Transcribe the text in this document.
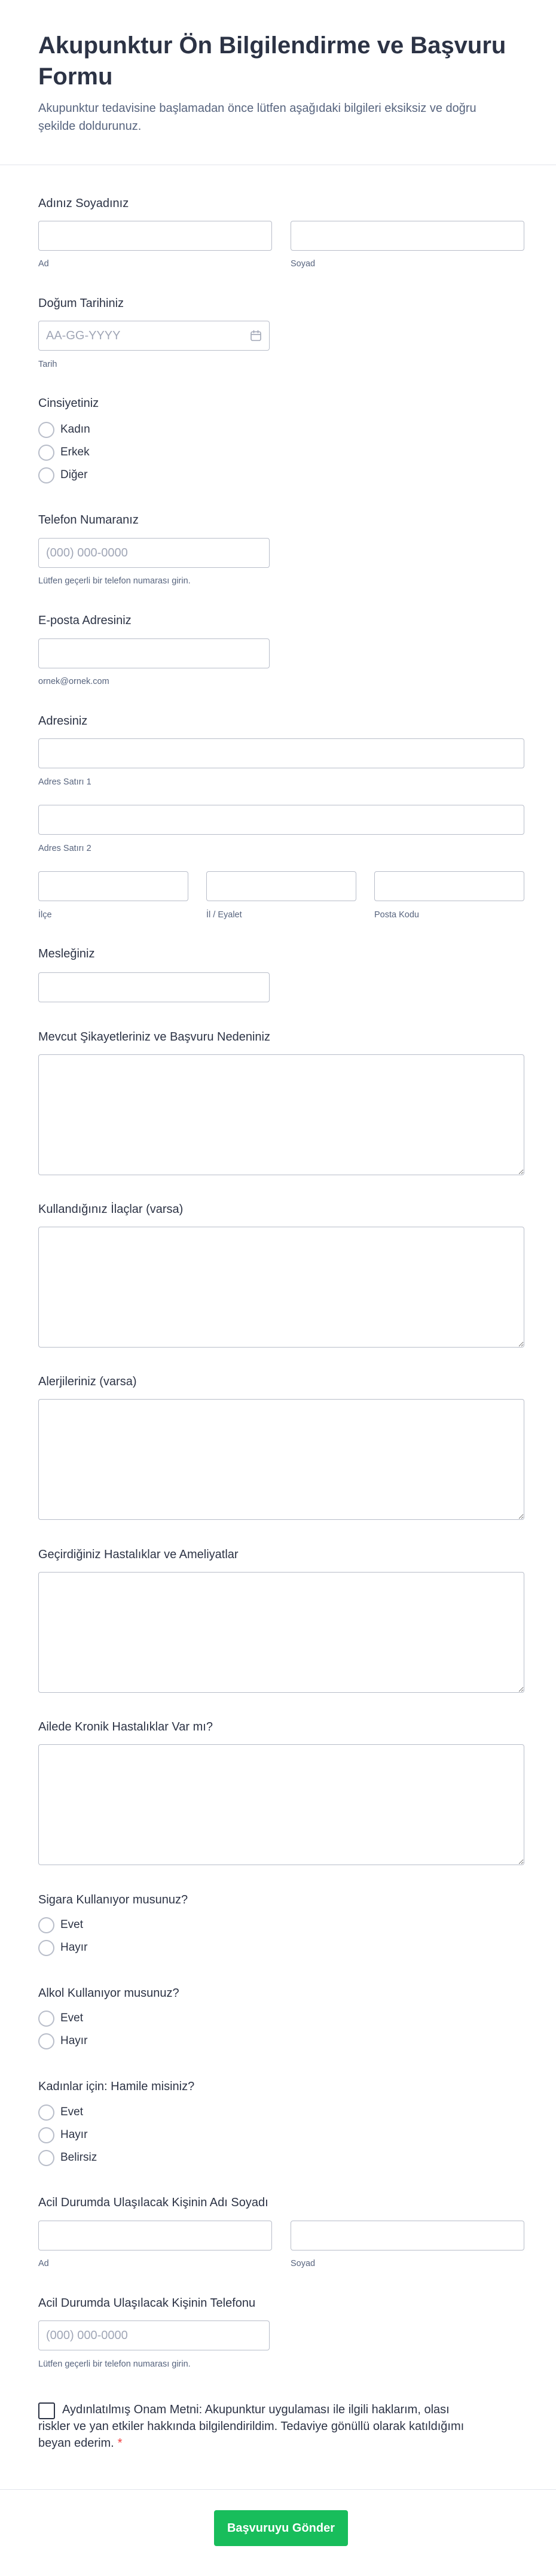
Akupunktur Ön Bilgilendirme ve Başvuru Formu

Akupunktur tedavisine başlamadan önce lütfen aşağıdaki bilgileri eksiksiz ve doğru şekilde doldurunuz.

Adınız Soyadınız
Ad	Soyad
Doğum Tarihiniz
AA-GG-YYYY
Tarih
Cinsiyetiniz
Kadın
Erkek
Diğer
Telefon Numaranız
(000) 000-0000
Lütfen geçerli bir telefon numarası girin.
E-posta Adresiniz
ornek@ornek.com
Adresiniz
Adres Satırı 1
Adres Satırı 2
İlçe	İl / Eyalet	Posta Kodu
Mesleğiniz
Mevcut Şikayetleriniz ve Başvuru Nedeniniz
Kullandığınız İlaçlar (varsa)
Alerjileriniz (varsa)
Geçirdiğiniz Hastalıklar ve Ameliyatlar
Ailede Kronik Hastalıklar Var mı?
Sigara Kullanıyor musunuz?
Evet
Hayır
Alkol Kullanıyor musunuz?
Evet
Hayır
Kadınlar için: Hamile misiniz?
Evet
Hayır
Belirsiz
Acil Durumda Ulaşılacak Kişinin Adı Soyadı
Ad	Soyad
Acil Durumda Ulaşılacak Kişinin Telefonu
(000) 000-0000
Lütfen geçerli bir telefon numarası girin.

Aydınlatılmış Onam Metni: Akupunktur uygulaması ile ilgili haklarım, olası riskler ve yan etkiler hakkında bilgilendirildim. Tedaviye gönüllü olarak katıldığımı beyan ederim. *

Başvuruyu Gönder
